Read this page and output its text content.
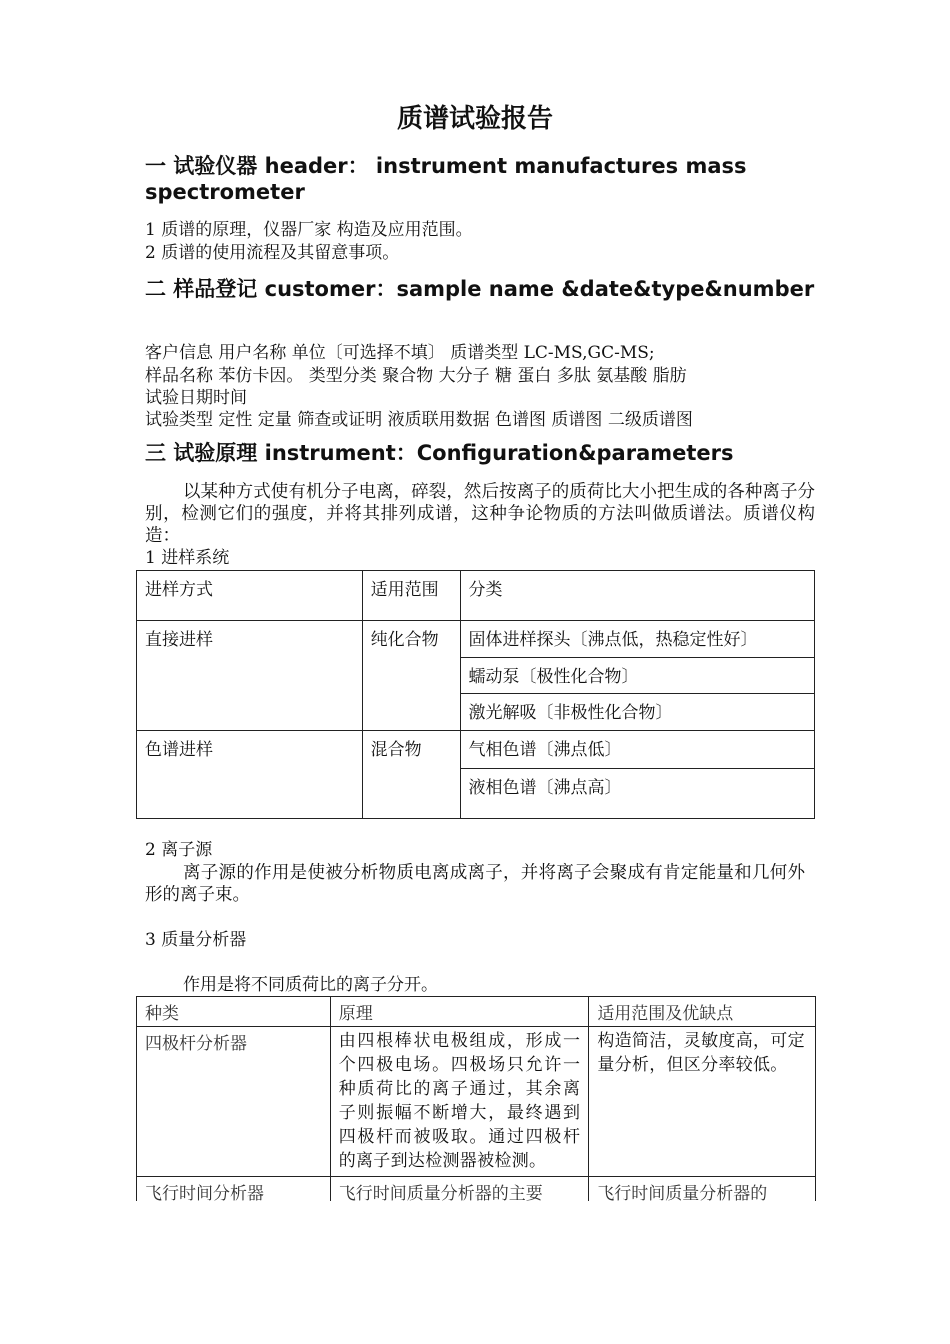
质谱试验报告
一 试验仪器 header： instrument manufactures mass spectrometer
1 质谱的原理，仪器厂家 构造及应用范围。
2 质谱的使用流程及其留意事项。
二 样品登记 customer：sample name &date&type&number
客户信息 用户名称 单位〔可选择不填〕 质谱类型 LC-MS,GC-MS;
样品名称 苯仿卡因。 类型分类 聚合物 大分子 糖 蛋白 多肽 氨基酸 脂肪
试验日期时间
试验类型 定性 定量 筛查或证明 液质联用数据 色谱图 质谱图 二级质谱图
三 试验原理 instrument：Configuration&parameters
以某种方式使有机分子电离，碎裂，然后按离子的质荷比大小把生成的各种离子分别，检测它们的强度，并将其排列成谱，这种争论物质的方法叫做质谱法。质谱仪构造：
1 进样系统
进样方式	适用范围	分类
直接进样	纯化合物	固体进样探头〔沸点低，热稳定性好〕
		蠕动泵〔极性化合物〕
		激光解吸〔非极性化合物〕
色谱进样	混合物	气相色谱〔沸点低〕
		液相色谱〔沸点高〕
2 离子源
离子源的作用是使被分析物质电离成离子，并将离子会聚成有肯定能量和几何外形的离子束。
3 质量分析器
作用是将不同质荷比的离子分开。
种类	原理	适用范围及优缺点
四极杆分析器	由四根棒状电极组成，形成一个四极电场。四极场只允许一种质荷比的离子通过，其余离子则振幅不断增大，最终遇到四极杆而被吸取。通过四极杆的离子到达检测器被检测。	构造简洁，灵敏度高，可定量分析，但区分率较低。
飞行时间分析器	飞行时间质量分析器的主要	飞行时间质量分析器的
